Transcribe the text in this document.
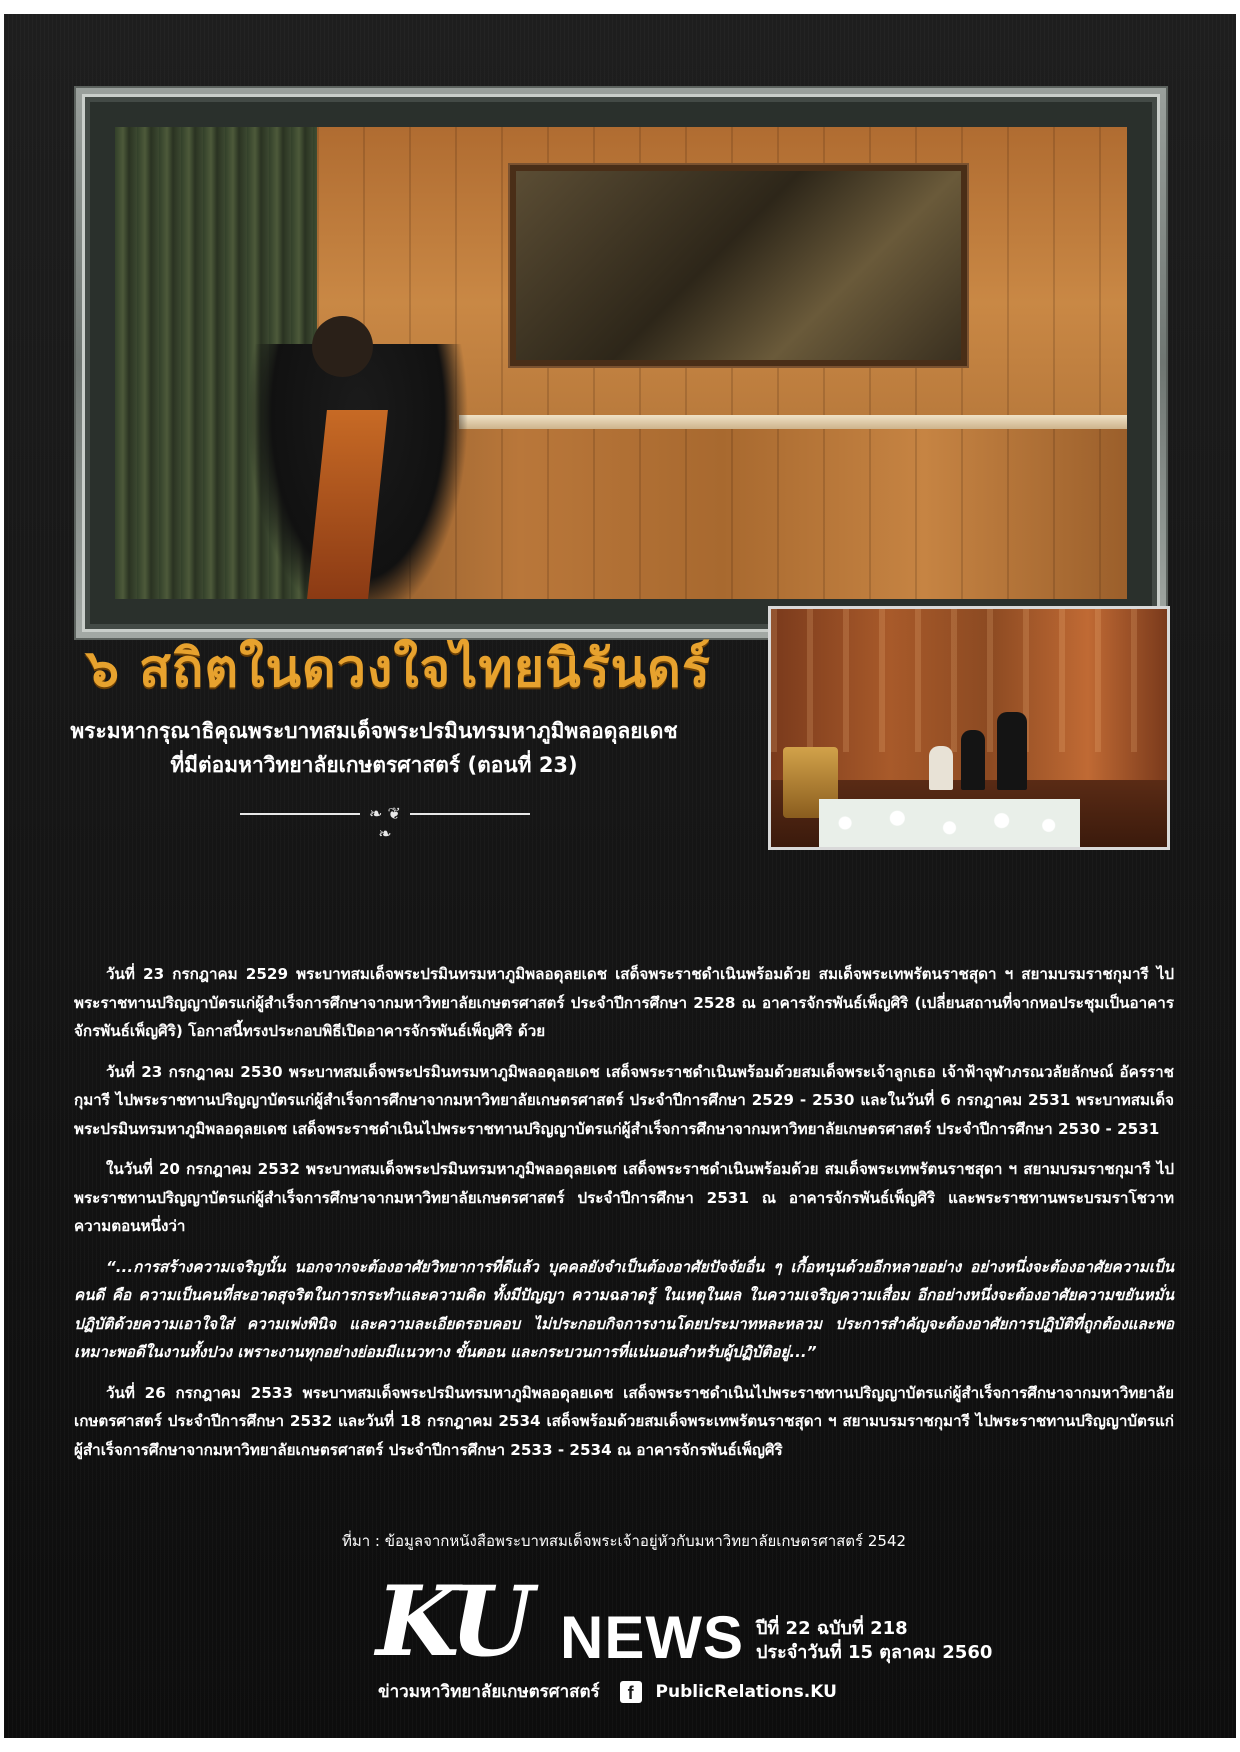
๖ สถิตในดวงใจไทยนิรันดร์
พระมหากรุณาธิคุณพระบาทสมเด็จพระปรมินทรมหาภูมิพลอดุลยเดช
ที่มีต่อมหาวิทยาลัยเกษตรศาสตร์ (ตอนที่ 23)
❧ ❦ ❧

วันที่ 23 กรกฎาคม 2529 พระบาทสมเด็จพระปรมินทรมหาภูมิพลอดุลยเดช เสด็จพระราชดำเนินพร้อมด้วย สมเด็จพระเทพรัตนราชสุดา ฯ สยามบรมราชกุมารี ไปพระราชทานปริญญาบัตรแก่ผู้สำเร็จการศึกษาจากมหาวิทยาลัยเกษตรศาสตร์ ประจำปีการศึกษา 2528 ณ อาคารจักรพันธ์เพ็ญศิริ (เปลี่ยนสถานที่จากหอประชุมเป็นอาคารจักรพันธ์เพ็ญศิริ) โอกาสนี้ทรงประกอบพิธีเปิดอาคารจักรพันธ์เพ็ญศิริ ด้วย

วันที่ 23 กรกฎาคม 2530 พระบาทสมเด็จพระปรมินทรมหาภูมิพลอดุลยเดช เสด็จพระราชดำเนินพร้อมด้วยสมเด็จพระเจ้าลูกเธอ เจ้าฟ้าจุฬาภรณวลัยลักษณ์ อัครราชกุมารี ไปพระราชทานปริญญาบัตรแก่ผู้สำเร็จการศึกษาจากมหาวิทยาลัยเกษตรศาสตร์ ประจำปีการศึกษา 2529 - 2530 และในวันที่ 6 กรกฎาคม 2531 พระบาทสมเด็จพระปรมินทรมหาภูมิพลอดุลยเดช เสด็จพระราชดำเนินไปพระราชทานปริญญาบัตรแก่ผู้สำเร็จการศึกษาจากมหาวิทยาลัยเกษตรศาสตร์ ประจำปีการศึกษา 2530 - 2531

ในวันที่ 20 กรกฎาคม 2532 พระบาทสมเด็จพระปรมินทรมหาภูมิพลอดุลยเดช เสด็จพระราชดำเนินพร้อมด้วย สมเด็จพระเทพรัตนราชสุดา ฯ สยามบรมราชกุมารี ไปพระราชทานปริญญาบัตรแก่ผู้สำเร็จการศึกษาจากมหาวิทยาลัยเกษตรศาสตร์ ประจำปีการศึกษา 2531 ณ อาคารจักรพันธ์เพ็ญศิริ และพระราชทานพระบรมราโชวาท ความตอนหนึ่งว่า

“...การสร้างความเจริญนั้น นอกจากจะต้องอาศัยวิทยาการที่ดีแล้ว บุคคลยังจำเป็นต้องอาศัยปัจจัยอื่น ๆ เกื้อหนุนด้วยอีกหลายอย่าง อย่างหนึ่งจะต้องอาศัยความเป็นคนดี คือ ความเป็นคนที่สะอาดสุจริตในการกระทำและความคิด ทั้งมีปัญญา ความฉลาดรู้ ในเหตุในผล ในความเจริญความเสื่อม อีกอย่างหนึ่งจะต้องอาศัยความขยันหมั่นปฏิบัติด้วยความเอาใจใส่ ความเพ่งพินิจ และความละเอียดรอบคอบ ไม่ประกอบกิจการงานโดยประมาทหละหลวม ประการสำคัญจะต้องอาศัยการปฏิบัติที่ถูกต้องและพอเหมาะพอดีในงานทั้งปวง เพราะงานทุกอย่างย่อมมีแนวทาง ขั้นตอน และกระบวนการที่แน่นอนสำหรับผู้ปฏิบัติอยู่...”

วันที่ 26 กรกฎาคม 2533 พระบาทสมเด็จพระปรมินทรมหาภูมิพลอดุลยเดช เสด็จพระราชดำเนินไปพระราชทานปริญญาบัตรแก่ผู้สำเร็จการศึกษาจากมหาวิทยาลัยเกษตรศาสตร์ ประจำปีการศึกษา 2532 และวันที่ 18 กรกฎาคม 2534 เสด็จพร้อมด้วยสมเด็จพระเทพรัตนราชสุดา ฯ สยามบรมราชกุมารี ไปพระราชทานปริญญาบัตรแก่ผู้สำเร็จการศึกษาจากมหาวิทยาลัยเกษตรศาสตร์ ประจำปีการศึกษา 2533 - 2534 ณ อาคารจักรพันธ์เพ็ญศิริ

ที่มา : ข้อมูลจากหนังสือพระบาทสมเด็จพระเจ้าอยู่หัวกับมหาวิทยาลัยเกษตรศาสตร์ 2542
KU NEWS ปีที่ 22 ฉบับที่ 218
ประจำวันที่ 15 ตุลาคม 2560
ข่าวมหาวิทยาลัยเกษตรศาสตร์ f PublicRelations.KU
